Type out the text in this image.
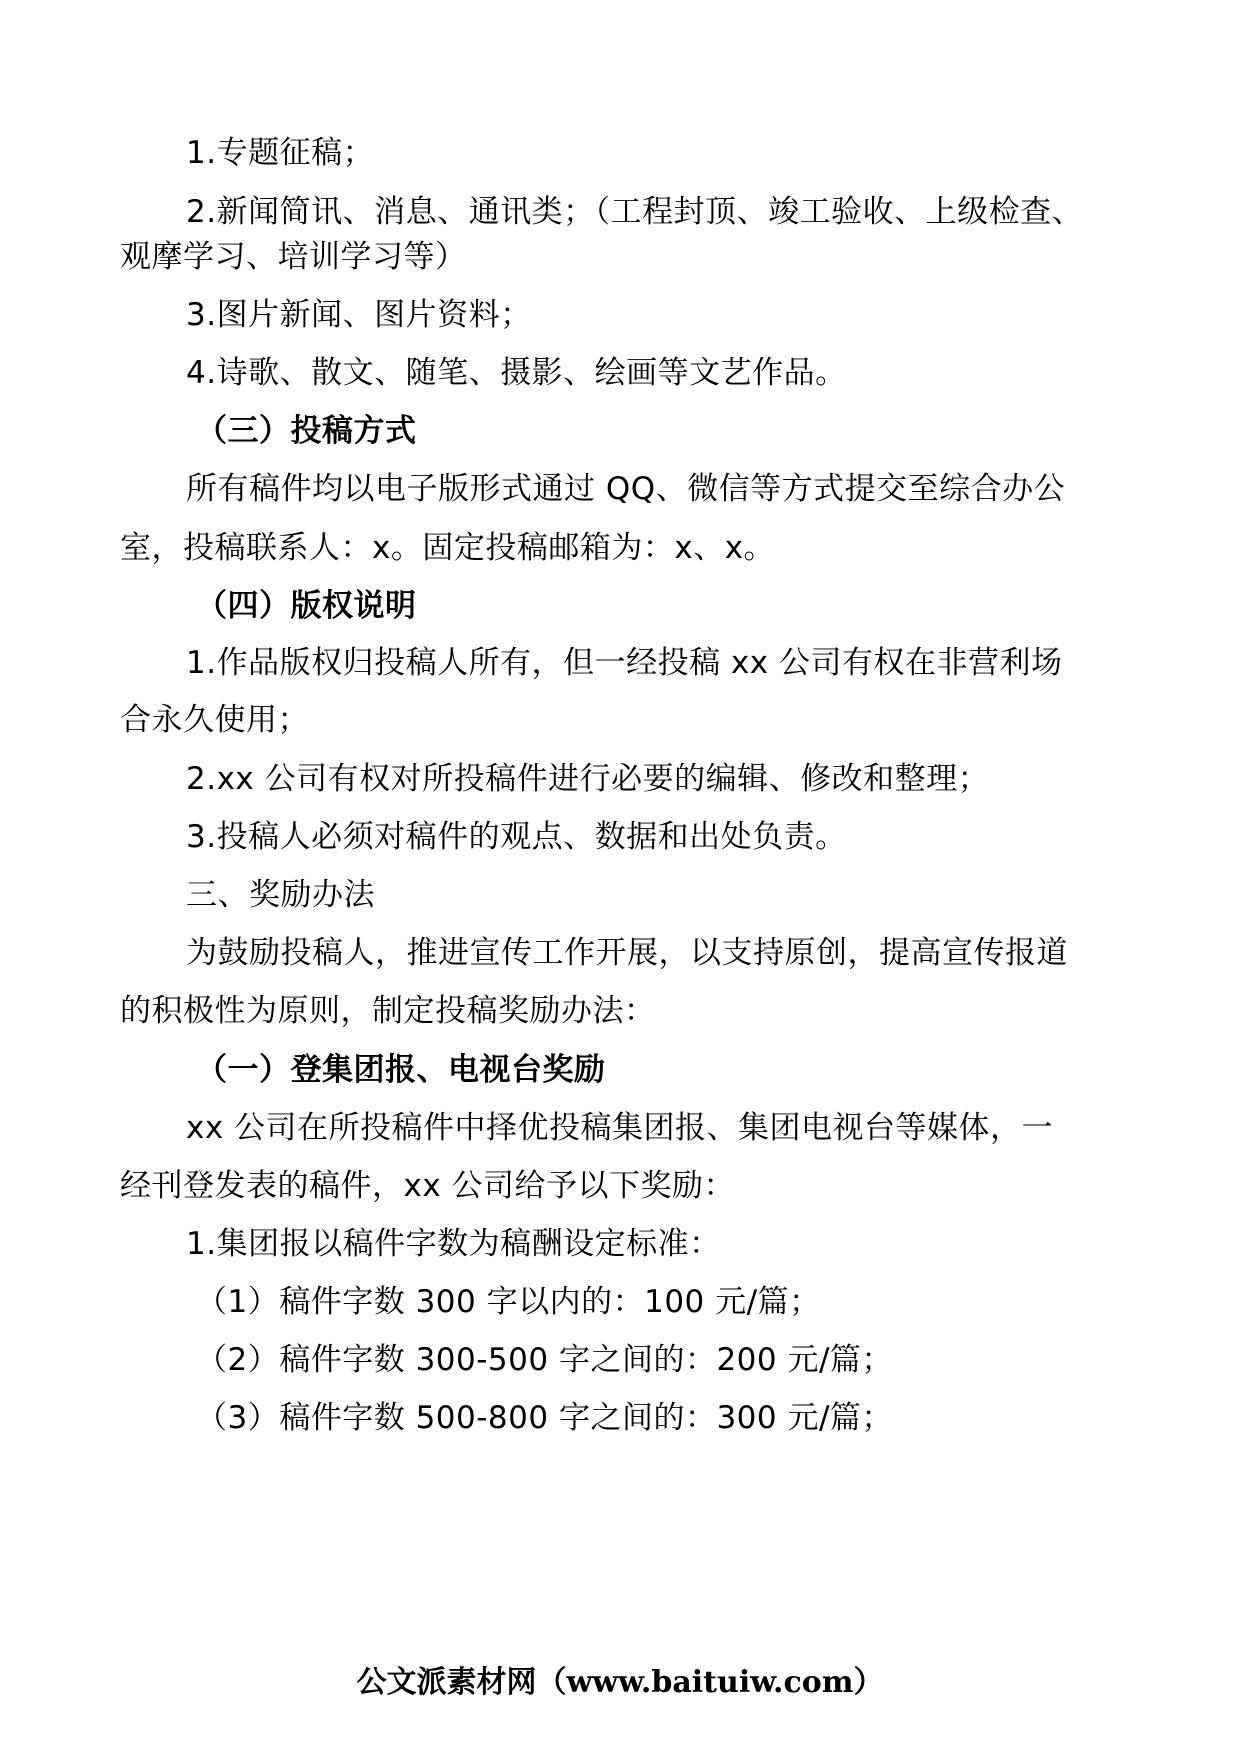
1.专题征稿；
2.新闻简讯、消息、通讯类；（工程封顶、竣工验收、上级检查、
观摩学习、培训学习等）
3.图片新闻、图片资料；
4.诗歌、散文、随笔、摄影、绘画等文艺作品。
（三）投稿方式
所有稿件均以电子版形式通过 QQ、微信等方式提交至综合办公
室，投稿联系人：x。固定投稿邮箱为：x、x。
（四）版权说明
1.作品版权归投稿人所有，但一经投稿 xx 公司有权在非营利场
合永久使用；
2.xx 公司有权对所投稿件进行必要的编辑、修改和整理；
3.投稿人必须对稿件的观点、数据和出处负责。
三、奖励办法
为鼓励投稿人，推进宣传工作开展，以支持原创，提高宣传报道
的积极性为原则，制定投稿奖励办法：
（一）登集团报、电视台奖励
xx 公司在所投稿件中择优投稿集团报、集团电视台等媒体，一
经刊登发表的稿件，xx 公司给予以下奖励：
1.集团报以稿件字数为稿酬设定标准：
（1）稿件字数 300 字以内的：100 元/篇；
（2）稿件字数 300-500 字之间的：200 元/篇；
（3）稿件字数 500-800 字之间的：300 元/篇；
公文派素材网（www.baituiw.com）
